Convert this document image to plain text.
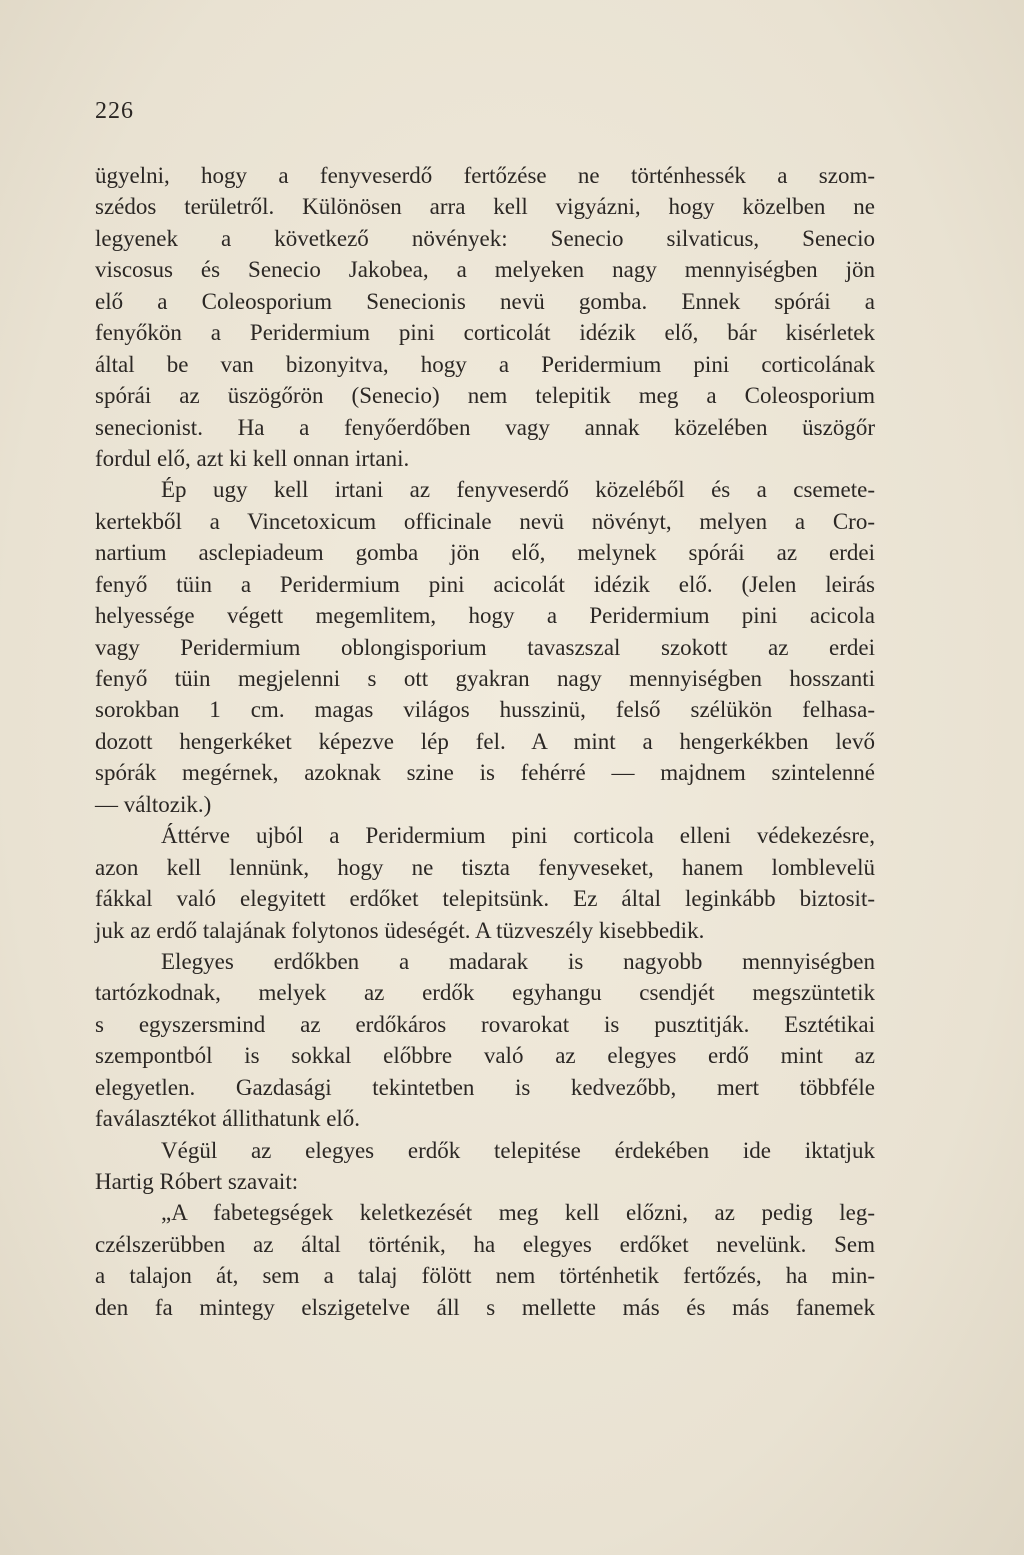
226
ügyelni, hogy a fenyveserdő fertőzése ne történhessék a szom-
szédos területről. Különösen arra kell vigyázni, hogy közelben ne
legyenek a következő növények: Senecio silvaticus, Senecio
viscosus és Senecio Jakobea, a melyeken nagy mennyiségben jön
elő a Coleosporium Senecionis nevü gomba. Ennek spórái a
fenyőkön a Peridermium pini corticolát idézik elő, bár kisérletek
által be van bizonyitva, hogy a Peridermium pini corticolának
spórái az üszögőrön (Senecio) nem telepitik meg a Coleosporium
senecionist. Ha a fenyőerdőben vagy annak közelében üszögőr
fordul elő, azt ki kell onnan irtani.
Ép ugy kell irtani az fenyveserdő közeléből és a csemete-
kertekből a Vincetoxicum officinale nevü növényt, melyen a Cro-
nartium asclepiadeum gomba jön elő, melynek spórái az erdei
fenyő tüin a Peridermium pini acicolát idézik elő. (Jelen leirás
helyessége végett megemlitem, hogy a Peridermium pini acicola
vagy Peridermium oblongisporium tavaszszal szokott az erdei
fenyő tüin megjelenni s ott gyakran nagy mennyiségben hosszanti
sorokban 1 cm. magas világos husszinü, felső szélükön felhasa-
dozott hengerkéket képezve lép fel. A mint a hengerkékben levő
spórák megérnek, azoknak szine is fehérré — majdnem szintelenné
— változik.)
Áttérve ujból a Peridermium pini corticola elleni védekezésre,
azon kell lennünk, hogy ne tiszta fenyveseket, hanem lomblevelü
fákkal való elegyitett erdőket telepitsünk. Ez által leginkább biztosit-
juk az erdő talajának folytonos üdeségét. A tüzveszély kisebbedik.
Elegyes erdőkben a madarak is nagyobb mennyiségben
tartózkodnak, melyek az erdők egyhangu csendjét megszüntetik
s egyszersmind az erdőkáros rovarokat is pusztitják. Esztétikai
szempontból is sokkal előbbre való az elegyes erdő mint az
elegyetlen. Gazdasági tekintetben is kedvezőbb, mert többféle
faválasztékot állithatunk elő.
Végül az elegyes erdők telepitése érdekében ide iktatjuk
Hartig Róbert szavait:
„A fabetegségek keletkezését meg kell előzni, az pedig leg-
czélszerübben az által történik, ha elegyes erdőket nevelünk. Sem
a talajon át, sem a talaj fölött nem történhetik fertőzés, ha min-
den fa mintegy elszigetelve áll s mellette más és más fanemek
